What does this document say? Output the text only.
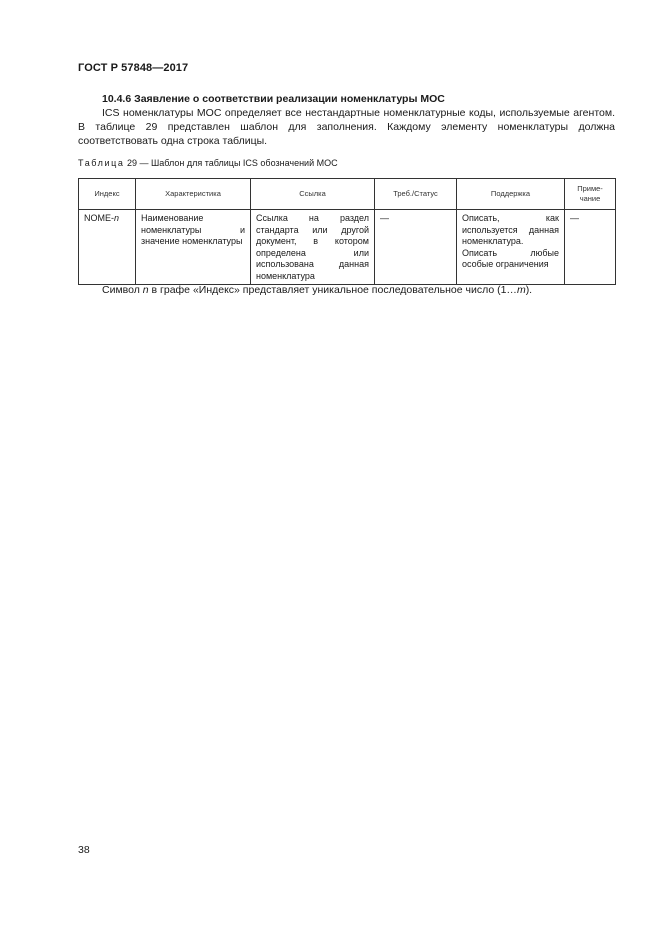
ГОСТ Р 57848—2017
10.4.6 Заявление о соответствии реализации номенклатуры МОС

ICS номенклатуры МОС определяет все нестандартные номенклатурные коды, используемые агентом. В таблице 29 представлен шаблон для заполнения. Каждому элементу номенклатуры должна соответствовать одна строка таблицы.

Таблица 29 — Шаблон для таблицы ICS обозначений МОС
Индекс	Характеристика	Ссылка	Треб./Статус	Поддержка	Приме-
чание
NOME-n	Наименование номенклатуры и значение номенклатуры	Ссылка на раздел стандарта или другой документ, в котором определена или использована данная номенклатура	—	Описать, как используется данная номенклатура. Описать любые особые ограничения	—
Символ n в графе «Индекс» представляет уникальное последовательное число (1…m).
38
